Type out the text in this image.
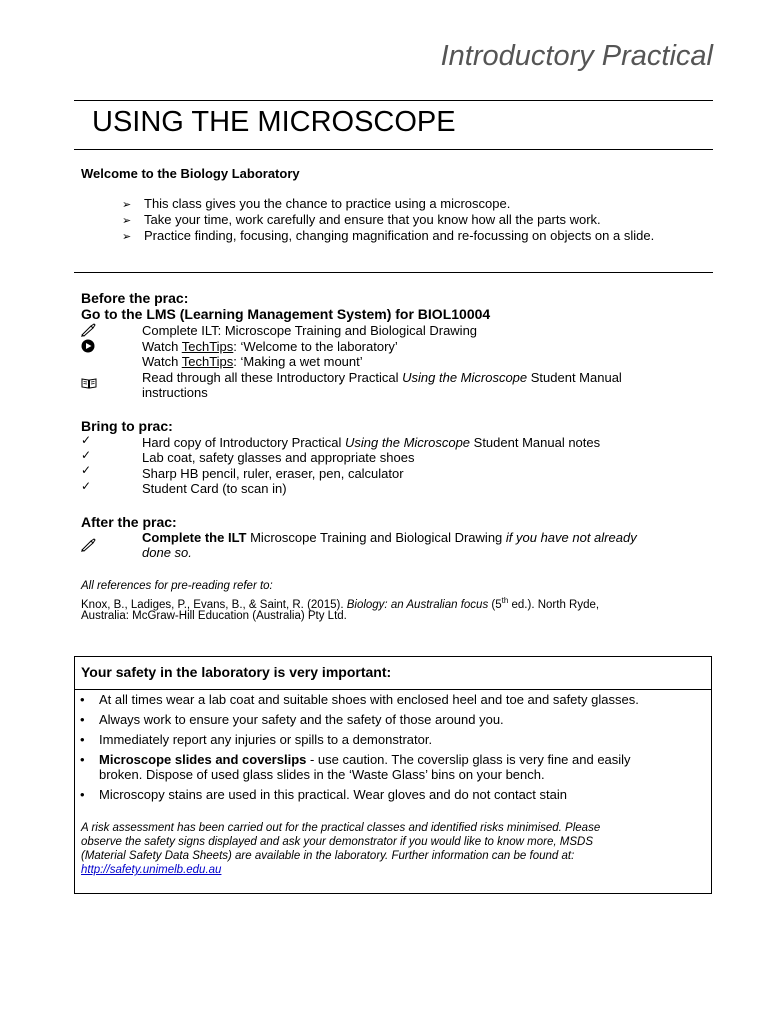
Introductory Practical
USING THE MICROSCOPE
Welcome to the Biology Laboratory
➢ This class gives you the chance to practice using a microscope.
➢ Take your time, work carefully and ensure that you know how all the parts work.
➢ Practice finding, focusing, changing magnification and re-focussing on objects on a slide.
Before the prac:
Go to the LMS (Learning Management System) for BIOL10004
Complete ILT: Microscope Training and Biological Drawing
Watch TechTips: ‘Welcome to the laboratory’
Watch TechTips: ‘Making a wet mount’
Read through all these Introductory Practical Using the Microscope Student Manual
instructions
Bring to prac:
✓	Hard copy of Introductory Practical Using the Microscope Student Manual notes
✓	Lab coat, safety glasses and appropriate shoes
✓	Sharp HB pencil, ruler, eraser, pen, calculator
✓	Student Card (to scan in)
After the prac:
Complete the ILT Microscope Training and Biological Drawing if you have not already
done so.
All references for pre-reading refer to:
Knox, B., Ladiges, P., Evans, B., & Saint, R. (2015). Biology: an Australian focus (5th ed.). North Ryde,
Australia: McGraw-Hill Education (Australia) Pty Ltd.
Your safety in the laboratory is very important:
•	At all times wear a lab coat and suitable shoes with enclosed heel and toe and safety glasses.
•	Always work to ensure your safety and the safety of those around you.
•	Immediately report any injuries or spills to a demonstrator.
•	Microscope slides and coverslips - use caution. The coverslip glass is very fine and easily
broken. Dispose of used glass slides in the ‘Waste Glass’ bins on your bench.
•	Microscopy stains are used in this practical. Wear gloves and do not contact stain
A risk assessment has been carried out for the practical classes and identified risks minimised. Please
observe the safety signs displayed and ask your demonstrator if you would like to know more, MSDS
(Material Safety Data Sheets) are available in the laboratory. Further information can be found at:
http://safety.unimelb.edu.au
